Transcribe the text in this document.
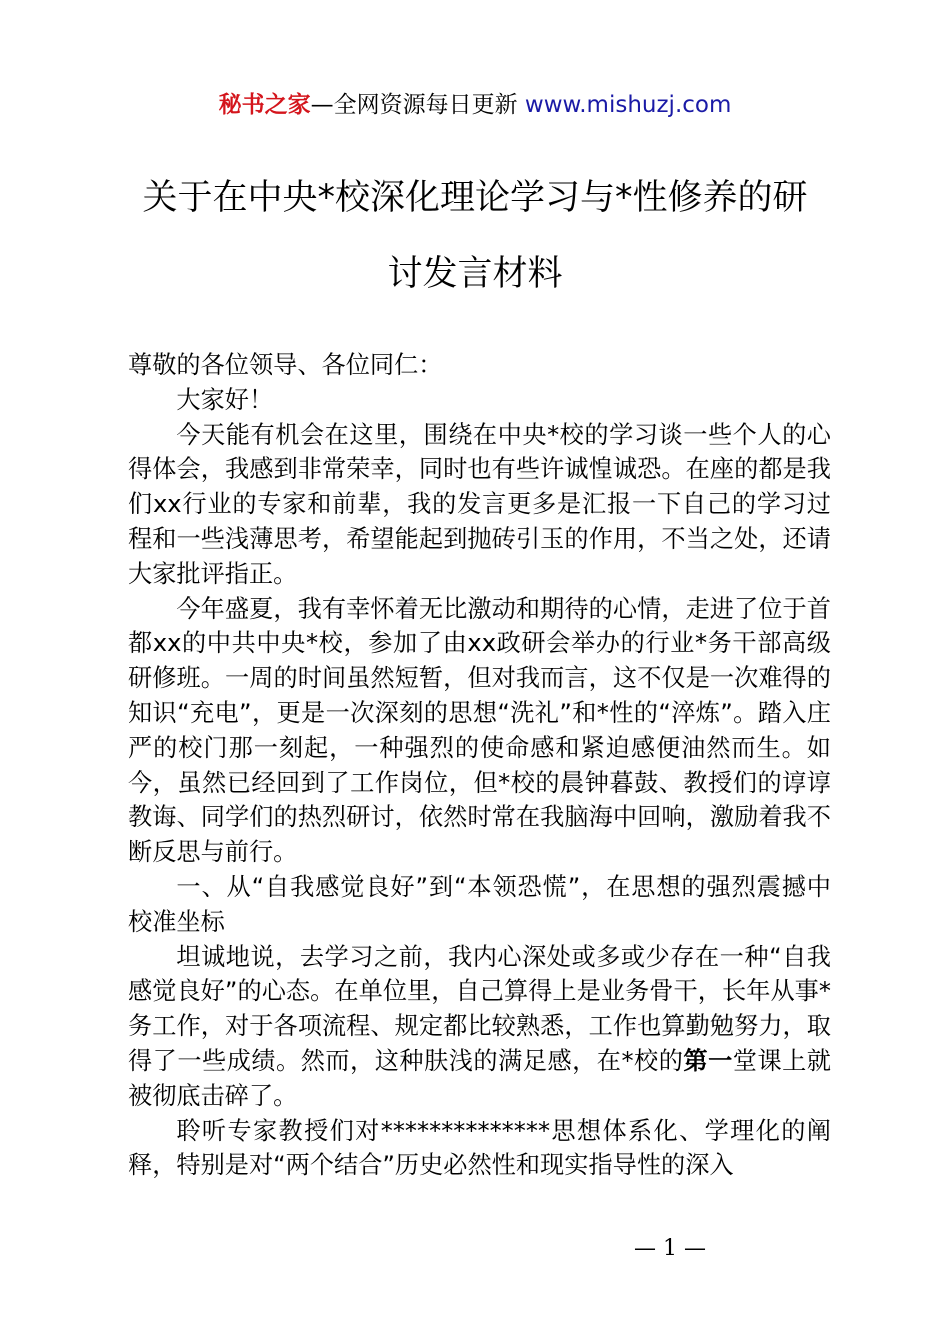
秘书之家—全网资源每日更新 www.mishuzj.com
关于在中央*校深化理论学习与*性修养的研
讨发言材料

尊敬的各位领导、各位同仁：

大家好！

今天能有机会在这里，围绕在中央*校的学习谈一些个人的心得体会，我感到非常荣幸，同时也有些许诚惶诚恐。在座的都是我们xx行业的专家和前辈，我的发言更多是汇报一下自己的学习过程和一些浅薄思考，希望能起到抛砖引玉的作用，不当之处，还请大家批评指正。

今年盛夏，我有幸怀着无比激动和期待的心情，走进了位于首都xx的中共中央*校，参加了由xx政研会举办的行业*务干部高级研修班。一周的时间虽然短暂，但对我而言，这不仅是一次难得的知识“充电”，更是一次深刻的思想“洗礼”和*性的“淬炼”。踏入庄严的校门那一刻起，一种强烈的使命感和紧迫感便油然而生。如今，虽然已经回到了工作岗位，但*校的晨钟暮鼓、教授们的谆谆教诲、同学们的热烈研讨，依然时常在我脑海中回响，激励着我不断反思与前行。

一、从“自我感觉良好”到“本领恐慌”，在思想的强烈震撼中校准坐标

坦诚地说，去学习之前，我内心深处或多或少存在一种“自我感觉良好”的心态。在单位里，自己算得上是业务骨干，长年从事*务工作，对于各项流程、规定都比较熟悉，工作也算勤勉努力，取得了一些成绩。然而，这种肤浅的满足感，在*校的第一堂课上就被彻底击碎了。

聆听专家教授们对**************思想体系化、学理化的阐释，特别是对“两个结合”历史必然性和现实指导性的深入

— 1 —
